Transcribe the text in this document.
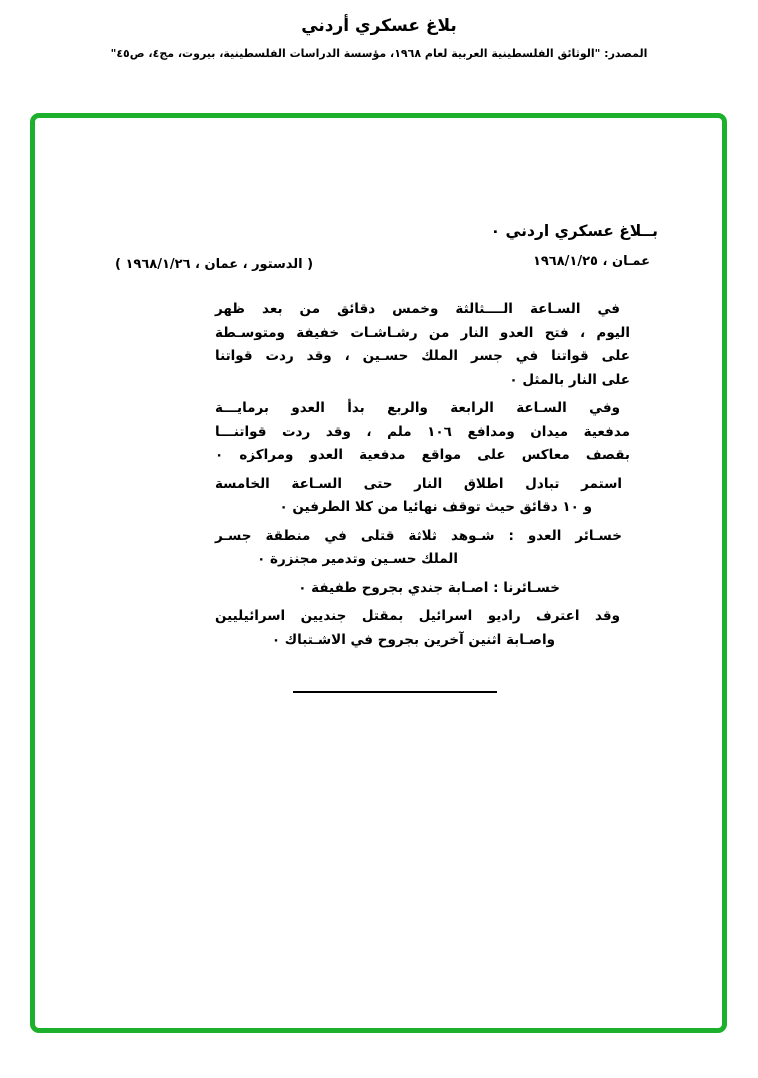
بلاغ عسكري أردني
المصدر: "الوثائق الفلسطينية العربية لعام ١٩٦٨، مؤسسة الدراسات الفلسطينية، بيروت، مج٤، ص٤٥"
بــلاغ عسكري اردني ٠
عمـان ، ١٩٦٨/١/٢٥
( الدستور ، عمان ، ١٩٦٨/١/٢٦ )
في السـاعة الــــثالثة وخمس دقائق من بعد ظهر
اليوم ، فتح العدو النار من رشـاشـات خفيفة ومتوسـطة
على قواتنا في جسر الملك حسـين ، وقد ردت قواتنا
على النار بالمثل ٠
وفي السـاعة الرابعة والربع بدأ العدو برمايـــة
مدفعية ميدان ومدافع ١٠٦ ملم ، وقد ردت قواتنـــا
بقصف معاكس على مواقع مدفعية العدو ومراكزه ٠
استمر تبادل اطلاق النار حتى السـاعة الخامسة
و ١٠ دقائق حيث توقف نهائيا من كلا الطرفين ٠
خسـائر العدو : شـوهد ثلاثة قتلى في منطقة جسـر
الملك حسـين وتدمير مجنزرة ٠
خسـائرنا : اصـابة جندي بجروح طفيفة ٠
وقد اعترف راديو اسرائيل بمقتل جنديين اسرائيليين
واصـابة اثنين آخرين بجروح في الاشـتباك ٠
